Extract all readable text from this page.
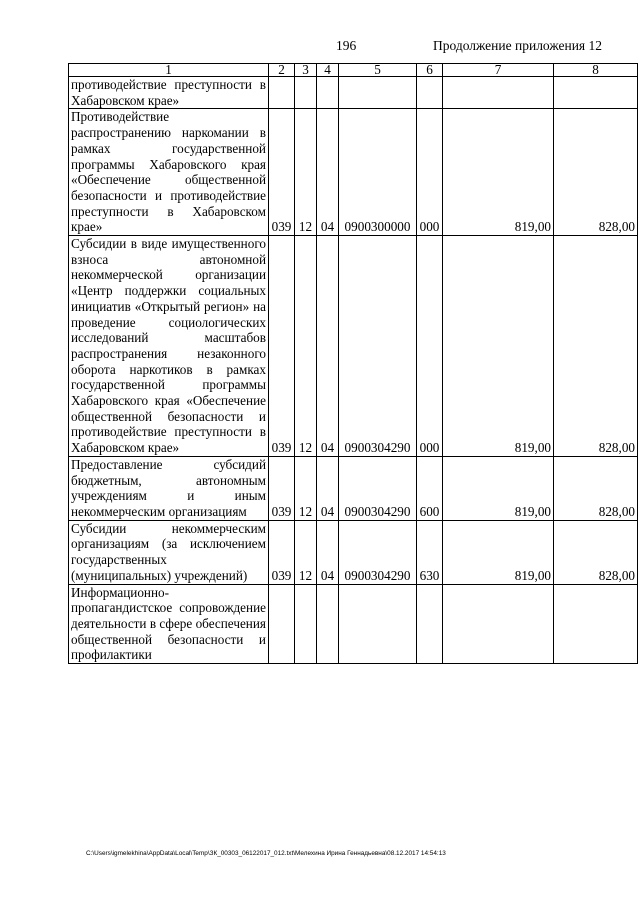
196	Продолжение приложения 12
1	2	3	4	5	6	7	8
противодействие преступности в Хабаровском крае»							
Противодействие распространению наркомании в рамках государственной программы Хабаровского края «Обеспечение общественной безопасности и противодействие преступности в Хабаровском крае»	039	12	04	0900300000	000	819,00	828,00
Субсидии в виде имущественного взноса автономной некоммерческой организации «Центр поддержки социальных инициатив «Открытый регион» на проведение социологических исследований масштабов распространения незаконного оборота наркотиков в рамках государственной программы Хабаровского края «Обеспечение общественной безопасности и противодействие преступности в Хабаровском крае»	039	12	04	0900304290	000	819,00	828,00
Предоставление субсидий бюджетным, автономным учреждениям и иным некоммерческим организациям	039	12	04	0900304290	600	819,00	828,00
Субсидии некоммерческим организациям (за исключением государственных (муниципальных) учреждений)	039	12	04	0900304290	630	819,00	828,00
Информационно-пропагандистское сопровождение деятельности в сфере обеспечения общественной безопасности и профилактики							
C:\Users\igmelekhina\AppData\Local\Temp\ЗК_00303_06122017_012.txt\Мелехина Ирина Геннадьевна\08.12.2017 14:54:13
